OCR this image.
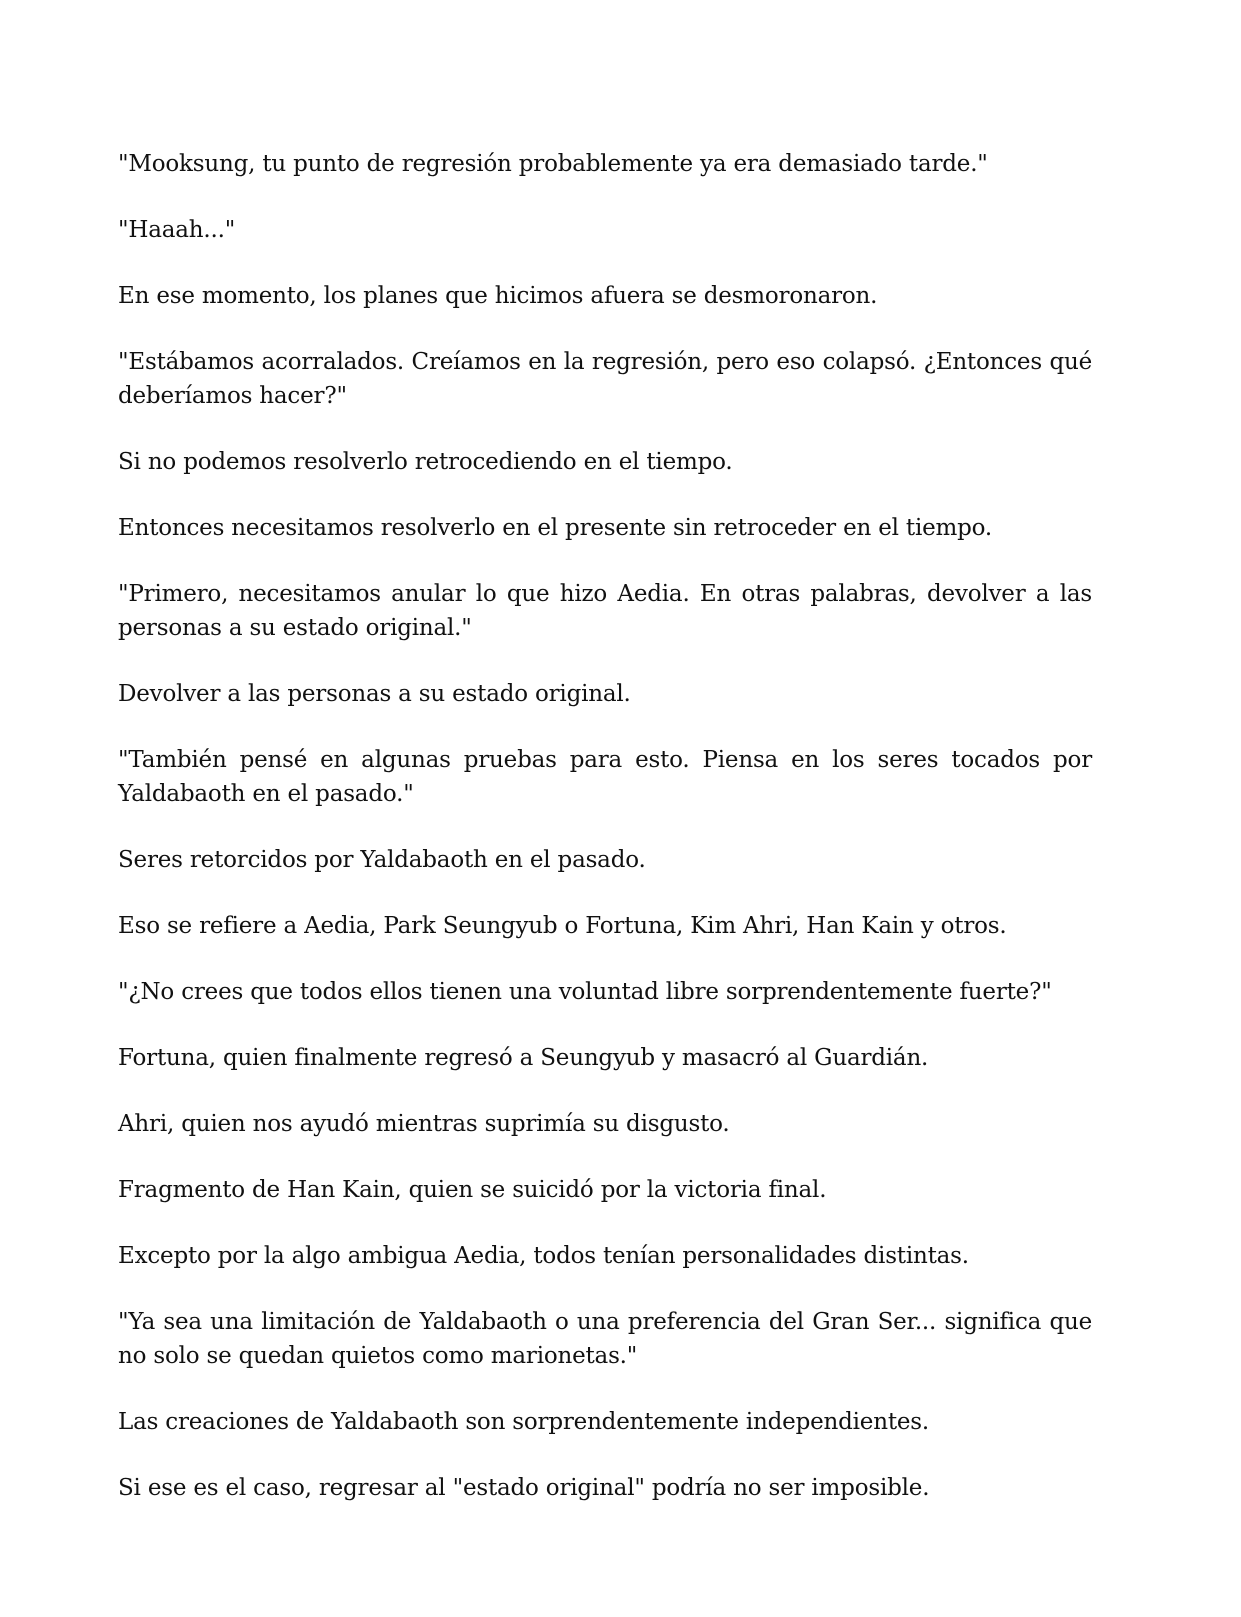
"Mooksung, tu punto de regresión probablemente ya era demasiado tarde."

"Haaah..."

En ese momento, los planes que hicimos afuera se desmoronaron.

"Estábamos acorralados. Creíamos en la regresión, pero eso colapsó. ¿Entonces qué deberíamos hacer?"

Si no podemos resolverlo retrocediendo en el tiempo.

Entonces necesitamos resolverlo en el presente sin retroceder en el tiempo.

"Primero, necesitamos anular lo que hizo Aedia. En otras palabras, devolver a las personas a su estado original."

Devolver a las personas a su estado original.

"También pensé en algunas pruebas para esto. Piensa en los seres tocados por Yaldabaoth en el pasado."

Seres retorcidos por Yaldabaoth en el pasado.

Eso se refiere a Aedia, Park Seungyub o Fortuna, Kim Ahri, Han Kain y otros.

"¿No crees que todos ellos tienen una voluntad libre sorprendentemente fuerte?"

Fortuna, quien finalmente regresó a Seungyub y masacró al Guardián.

Ahri, quien nos ayudó mientras suprimía su disgusto.

Fragmento de Han Kain, quien se suicidó por la victoria final.

Excepto por la algo ambigua Aedia, todos tenían personalidades distintas.

"Ya sea una limitación de Yaldabaoth o una preferencia del Gran Ser... significa que no solo se quedan quietos como marionetas."

Las creaciones de Yaldabaoth son sorprendentemente independientes.

Si ese es el caso, regresar al "estado original" podría no ser imposible.
